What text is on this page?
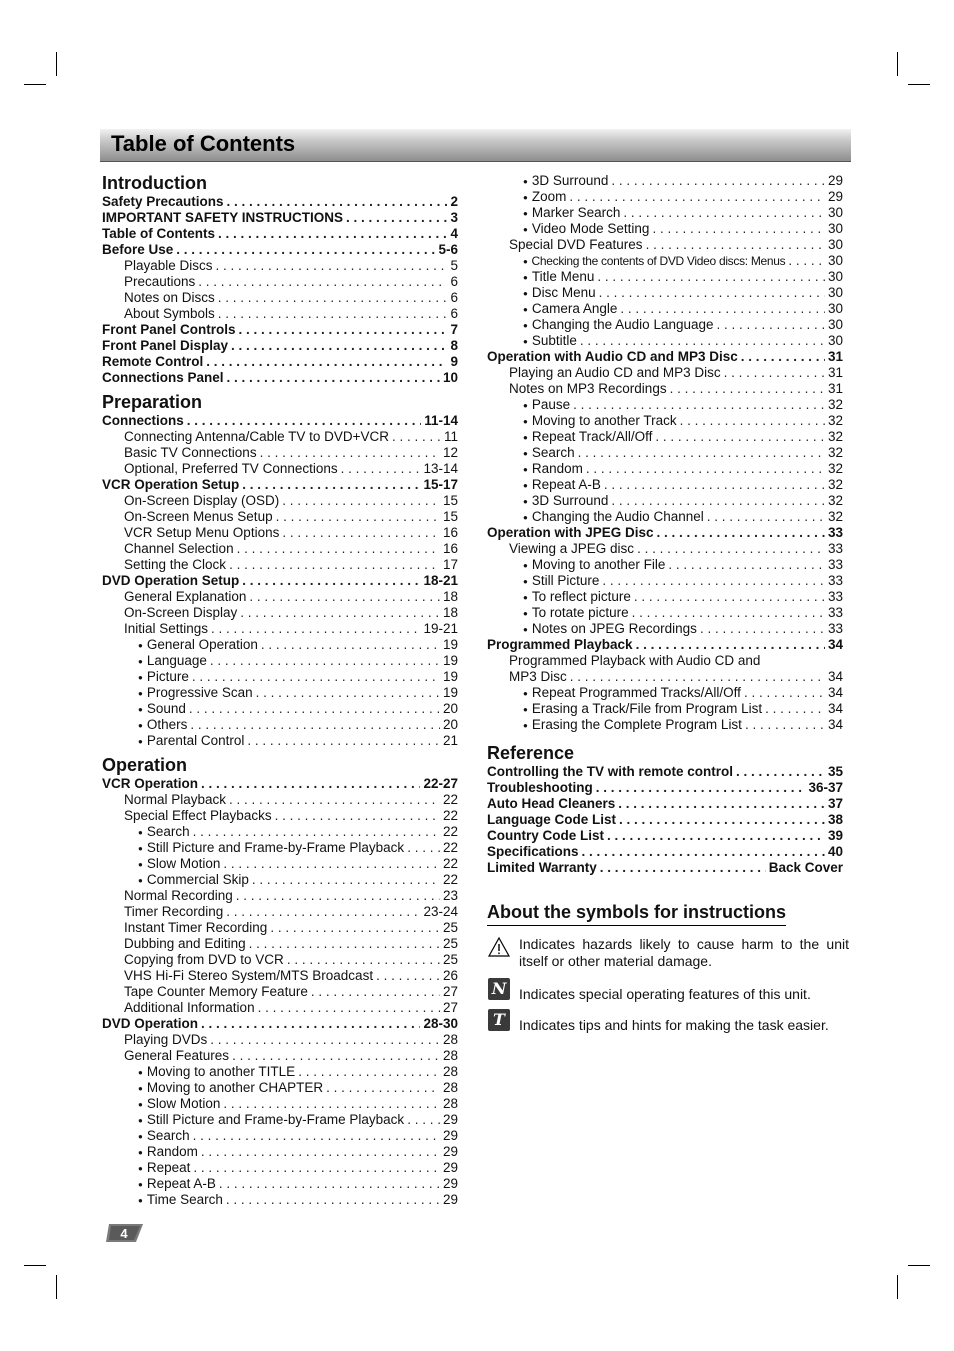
Table of Contents
Introduction
Safety Precautions . . .	2
IMPORTANT SAFETY INSTRUCTIONS . . .	3
Table of Contents . . .	4
Before Use . . .	5-6
Playable Discs . . .	5
Precautions . . .	6
Notes on Discs . . .	6
About Symbols . . .	6
Front Panel Controls . . .	7
Front Panel Display . . .	8
Remote Control . . .	9
Connections Panel . . .	10
Preparation
Connections . . .	11-14
Connecting Antenna/Cable TV to DVD+VCR . . .	11
Basic TV Connections . . .	12
Optional, Preferred TV Connections . . .	13-14
VCR Operation Setup . . .	15-17
On-Screen Display (OSD) . . .	15
On-Screen Menus Setup . . .	15
VCR Setup Menu Options . . .	16
Channel Selection . . .	16
Setting the Clock . . .	17
DVD Operation Setup . . .	18-21
General Explanation . . .	18
On-Screen Display . . .	18
Initial Settings . . .	19-21
● General Operation . . .	19
● Language . . .	19
● Picture . . .	19
● Progressive Scan . . .	19
● Sound . . .	20
● Others . . .	20
● Parental Control . . .	21
Operation
VCR Operation . . .	22-27
Normal Playback . . .	22
Special Effect Playbacks . . .	22
● Search . . .	22
● Still Picture and Frame-by-Frame Playback . . .	22
● Slow Motion . . .	22
● Commercial Skip . . .	22
Normal Recording . . .	23
Timer Recording . . .	23-24
Instant Timer Recording . . .	25
Dubbing and Editing . . .	25
Copying from DVD to VCR . . .	25
VHS Hi-Fi Stereo System/MTS Broadcast . . .	26
Tape Counter Memory Feature . . .	27
Additional Information . . .	27
DVD Operation . . .	28-30
Playing DVDs . . .	28
General Features . . .	28
● Moving to another TITLE . . .	28
● Moving to another CHAPTER . . .	28
● Slow Motion . . .	28
● Still Picture and Frame-by-Frame Playback . . .	29
● Search . . .	29
● Random . . .	29
● Repeat . . .	29
● Repeat A-B . . .	29
● Time Search . . .	29
● 3D Surround . . .	29
● Zoom . . .	29
● Marker Search . . .	30
● Video Mode Setting . . .	30
Special DVD Features . . .	30
● Checking the contents of DVD Video discs: Menus . . .	30
● Title Menu . . .	30
● Disc Menu . . .	30
● Camera Angle . . .	30
● Changing the Audio Language . . .	30
● Subtitle . . .	30
Operation with Audio CD and MP3 Disc . . .	31
Playing an Audio CD and MP3 Disc . . .	31
Notes on MP3 Recordings . . .	31
● Pause . . .	32
● Moving to another Track . . .	32
● Repeat Track/All/Off . . .	32
● Search . . .	32
● Random . . .	32
● Repeat A-B . . .	32
● 3D Surround . . .	32
● Changing the Audio Channel . . .	32
Operation with JPEG Disc . . .	33
Viewing a JPEG disc . . .	33
● Moving to another File . . .	33
● Still Picture . . .	33
● To reflect picture . . .	33
● To rotate picture . . .	33
● Notes on JPEG Recordings . . .	33
Programmed Playback . . .	34
Programmed Playback with Audio CD and
MP3 Disc . . .	34
● Repeat Programmed Tracks/All/Off . . .	34
● Erasing a Track/File from Program List . . .	34
● Erasing the Complete Program List . . .	34
Reference
Controlling the TV with remote control . . .	35
Troubleshooting . . .	36-37
Auto Head Cleaners . . .	37
Language Code List . . .	38
Country Code List . . .	39
Specifications . . .	40
Limited Warranty . . .	Back Cover
About the symbols for instructions
Indicates hazards likely to cause harm to the unit itself or other material damage.
N Indicates special operating features of this unit.
T	Indicates tips and hints for making the task easier.
4
